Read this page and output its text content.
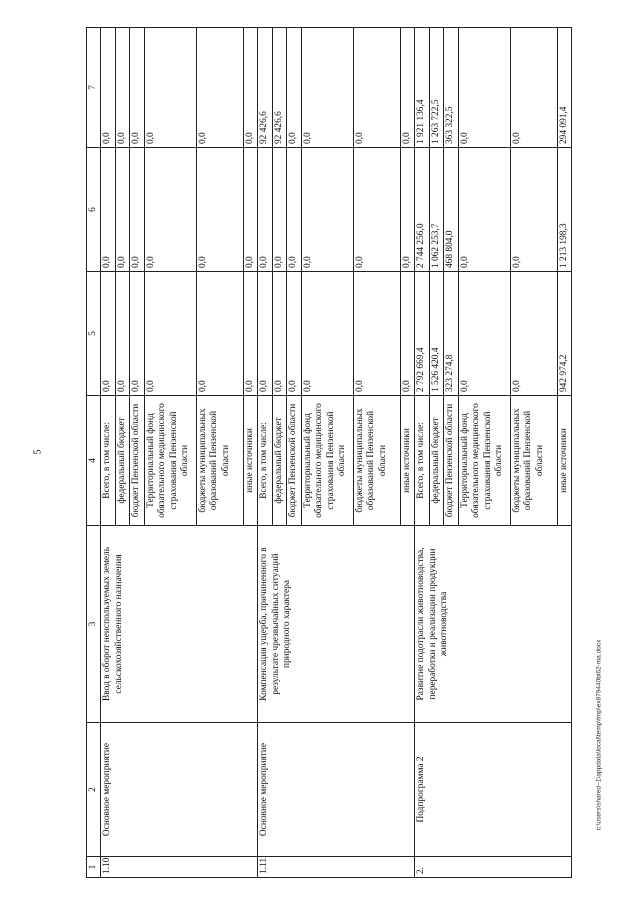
5
c:\users\shared~1\appdata\local\temp\tmp\ex879440bi62-ma.docx
1	2	3	4	5	6	7
1.10.	Основное мероприятие	Ввод в оборот неиспользуемых земель сельскохозяйственного назначения	Всего, в том числе:	0,0	0,0	0,0
			федеральный бюджет	0,0	0,0	0,0
			бюджет Пензенской области	0,0	0,0	0,0
			Территориальный фонд обязательного медицинского страхования Пензенской области	0,0	0,0	0,0
			бюджеты муниципальных образований Пензенской области	0,0	0,0	0,0
			иные источники	0,0	0,0	0,0
1.11.	Основное мероприятие	Компенсация ущерба, причиненного в результате чрезвычайных ситуаций природного характера	Всего, в том числе:	0,0	0,0	92 426,6
			федеральный бюджет	0,0	0,0	92 426,6
			бюджет Пензенской области	0,0	0,0	0,0
			Территориальный фонд обязательного медицинского страхования Пензенской области	0,0	0,0	0,0
			бюджеты муниципальных образований Пензенской области	0,0	0,0	0,0
			иные источники	0,0	0,0	0,0
2.	Подпрограмма 2	Развитие подотрасли животноводства, переработки и реализации продукции животноводства	Всего, в том числе:	2 792 669,4	2 744 256,0	1 921 136,4
			федеральный бюджет	1 526 420,4	1 062 253,7	1 263 722,5
			бюджет Пензенской области	323 274,8	468 804,0	363 322,5
			Территориальный фонд обязательного медицинского страхования Пензенской области	0,0	0,0	0,0
			бюджеты муниципальных образований Пензенской области	0,0	0,0	0,0
			иные источники	942 974,2	1 213 198,3	294 091,4
